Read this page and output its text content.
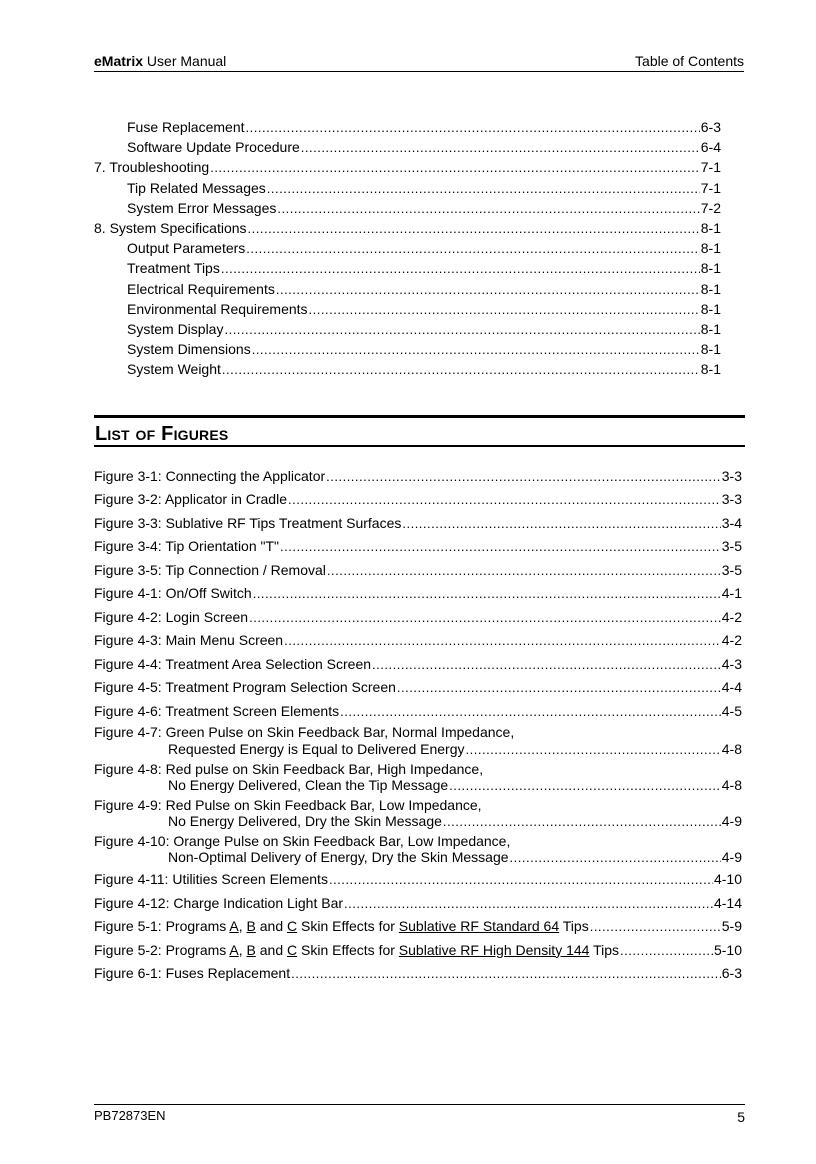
eMatrix User Manual	Table of Contents
Fuse Replacement .....	6-3
Software Update Procedure .....	6-4
7. Troubleshooting .....	7-1
Tip Related Messages .....	7-1
System Error Messages .....	7-2
8. System Specifications .....	8-1
Output Parameters .....	8-1
Treatment Tips .....	8-1
Electrical Requirements .....	8-1
Environmental Requirements .....	8-1
System Display .....	8-1
System Dimensions .....	8-1
System Weight .....	8-1
List of Figures
Figure 3-1: Connecting the Applicator .....	3-3
Figure 3-2: Applicator in Cradle .....	3-3
Figure 3-3: Sublative RF Tips Treatment Surfaces .....	3-4
Figure 3-4: Tip Orientation "T" .....	3-5
Figure 3-5: Tip Connection / Removal .....	3-5
Figure 4-1: On/Off Switch .....	4-1
Figure 4-2: Login Screen .....	4-2
Figure 4-3: Main Menu Screen .....	4-2
Figure 4-4: Treatment Area Selection Screen .....	4-3
Figure 4-5: Treatment Program Selection Screen .....	4-4
Figure 4-6: Treatment Screen Elements .....	4-5
Figure 4-7: Green Pulse on Skin Feedback Bar, Normal Impedance,
Requested Energy is Equal to Delivered Energy .....	4-8
Figure 4-8: Red pulse on Skin Feedback Bar, High Impedance,
No Energy Delivered, Clean the Tip Message .....	4-8
Figure 4-9: Red Pulse on Skin Feedback Bar, Low Impedance,
No Energy Delivered, Dry the Skin Message .....	4-9
Figure 4-10: Orange Pulse on Skin Feedback Bar, Low Impedance,
Non-Optimal Delivery of Energy, Dry the Skin Message .....	4-9
Figure 4-11: Utilities Screen Elements .....	4-10
Figure 4-12: Charge Indication Light Bar .....	4-14
Figure 5-1: Programs A, B and C Skin Effects for Sublative RF Standard 64 Tips .....	5-9
Figure 5-2: Programs A, B and C Skin Effects for Sublative RF High Density 144 Tips .....	5-10
Figure 6-1: Fuses Replacement .....	6-3
PB72873EN	5
